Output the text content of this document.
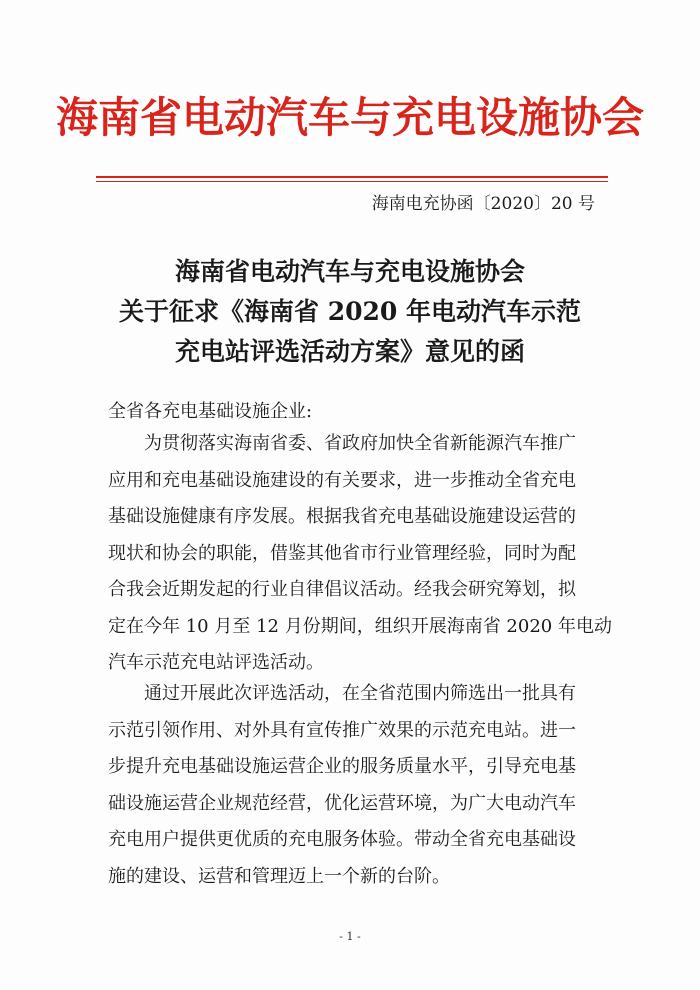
海南省电动汽车与充电设施协会
海南电充协函〔2020〕20 号
海南省电动汽车与充电设施协会
关于征求《海南省 2020 年电动汽车示范
充电站评选活动方案》意见的函
全省各充电基础设施企业:
为贯彻落实海南省委、省政府加快全省新能源汽车推广
应用和充电基础设施建设的有关要求，进一步推动全省充电
基础设施健康有序发展。根据我省充电基础设施建设运营的
现状和协会的职能，借鉴其他省市行业管理经验，同时为配
合我会近期发起的行业自律倡议活动。经我会研究筹划，拟
定在今年 10 月至 12 月份期间，组织开展海南省 2020 年电动
汽车示范充电站评选活动。
通过开展此次评选活动，在全省范围内筛选出一批具有
示范引领作用、对外具有宣传推广效果的示范充电站。进一
步提升充电基础设施运营企业的服务质量水平，引导充电基
础设施运营企业规范经营，优化运营环境，为广大电动汽车
充电用户提供更优质的充电服务体验。带动全省充电基础设
施的建设、运营和管理迈上一个新的台阶。
- 1 -
